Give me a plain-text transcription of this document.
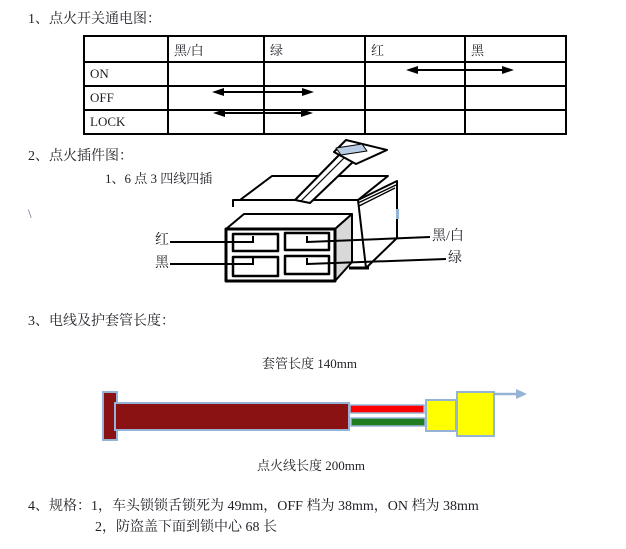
1、点火开关通电图：
	黑/白	绿	红	黑
ON				
OFF				
LOCK				
2、点火插件图：
1、6 点 3 四线四插
\
红
黑
黑/白
绿
3、电线及护套管长度：
套管长度 140mm
点火线长度 200mm
4、规格：1，车头锁锁舌锁死为 49mm，OFF 档为 38mm，ON 档为 38mm
2，防盗盖下面到锁中心 68 长
